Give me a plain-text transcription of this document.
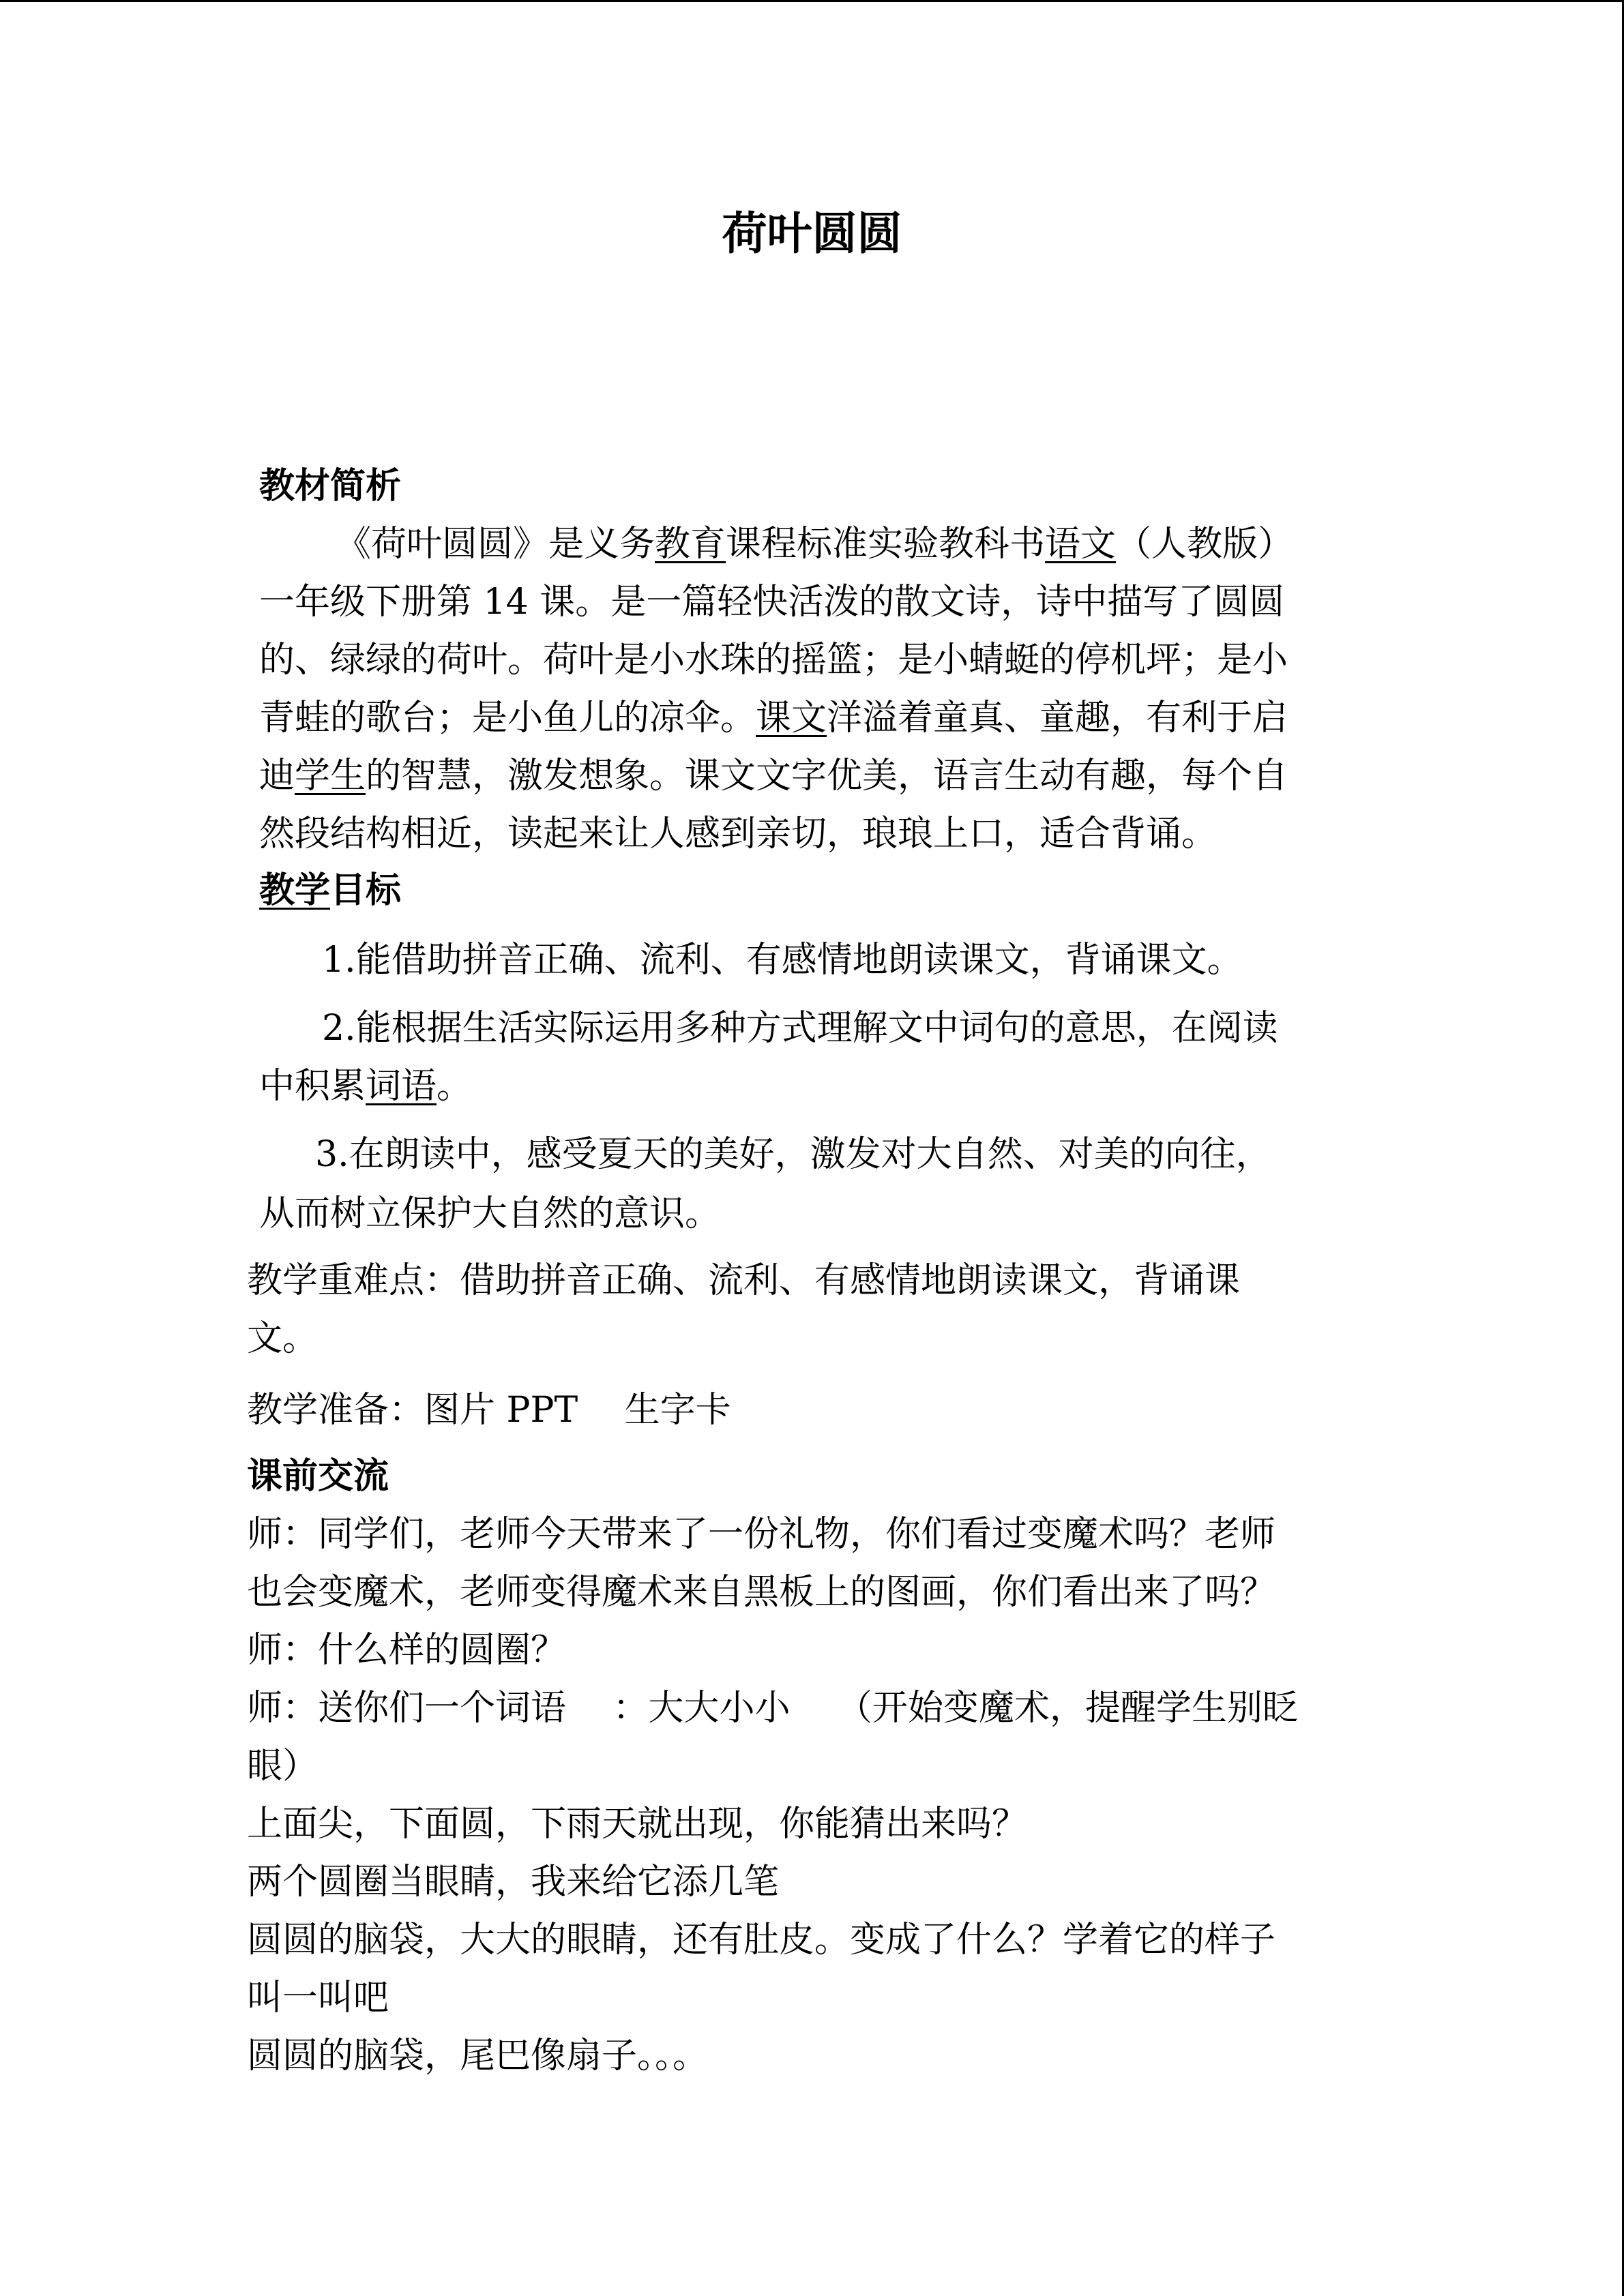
荷叶圆圆
教材简析
《荷叶圆圆》是义务教育课程标准实验教科书语文（人教版）
一年级下册第 14 课。是一篇轻快活泼的散文诗，诗中描写了圆圆
的、绿绿的荷叶。荷叶是小水珠的摇篮；是小蜻蜓的停机坪；是小
青蛙的歌台；是小鱼儿的凉伞。课文洋溢着童真、童趣，有利于启
迪学生的智慧，激发想象。课文文字优美，语言生动有趣，每个自
然段结构相近，读起来让人感到亲切，琅琅上口，适合背诵。
教学目标
1.能借助拼音正确、流利、有感情地朗读课文，背诵课文。
2.能根据生活实际运用多种方式理解文中词句的意思，在阅读
中积累词语。
3.在朗读中，感受夏天的美好，激发对大自然、对美的向往，
从而树立保护大自然的意识。
教学重难点：借助拼音正确、流利、有感情地朗读课文，背诵课
文。
教学准备：图片 PPT　 生字卡
课前交流
师：同学们，老师今天带来了一份礼物，你们看过变魔术吗？老师
也会变魔术，老师变得魔术来自黑板上的图画，你们看出来了吗？
师：什么样的圆圈？
师：送你们一个词语　 ：大大小小　 （开始变魔术，提醒学生别眨
眼）
上面尖，下面圆，下雨天就出现，你能猜出来吗？
两个圆圈当眼睛，我来给它添几笔
圆圆的脑袋，大大的眼睛，还有肚皮。变成了什么？学着它的样子
叫一叫吧
圆圆的脑袋，尾巴像扇子。。。
